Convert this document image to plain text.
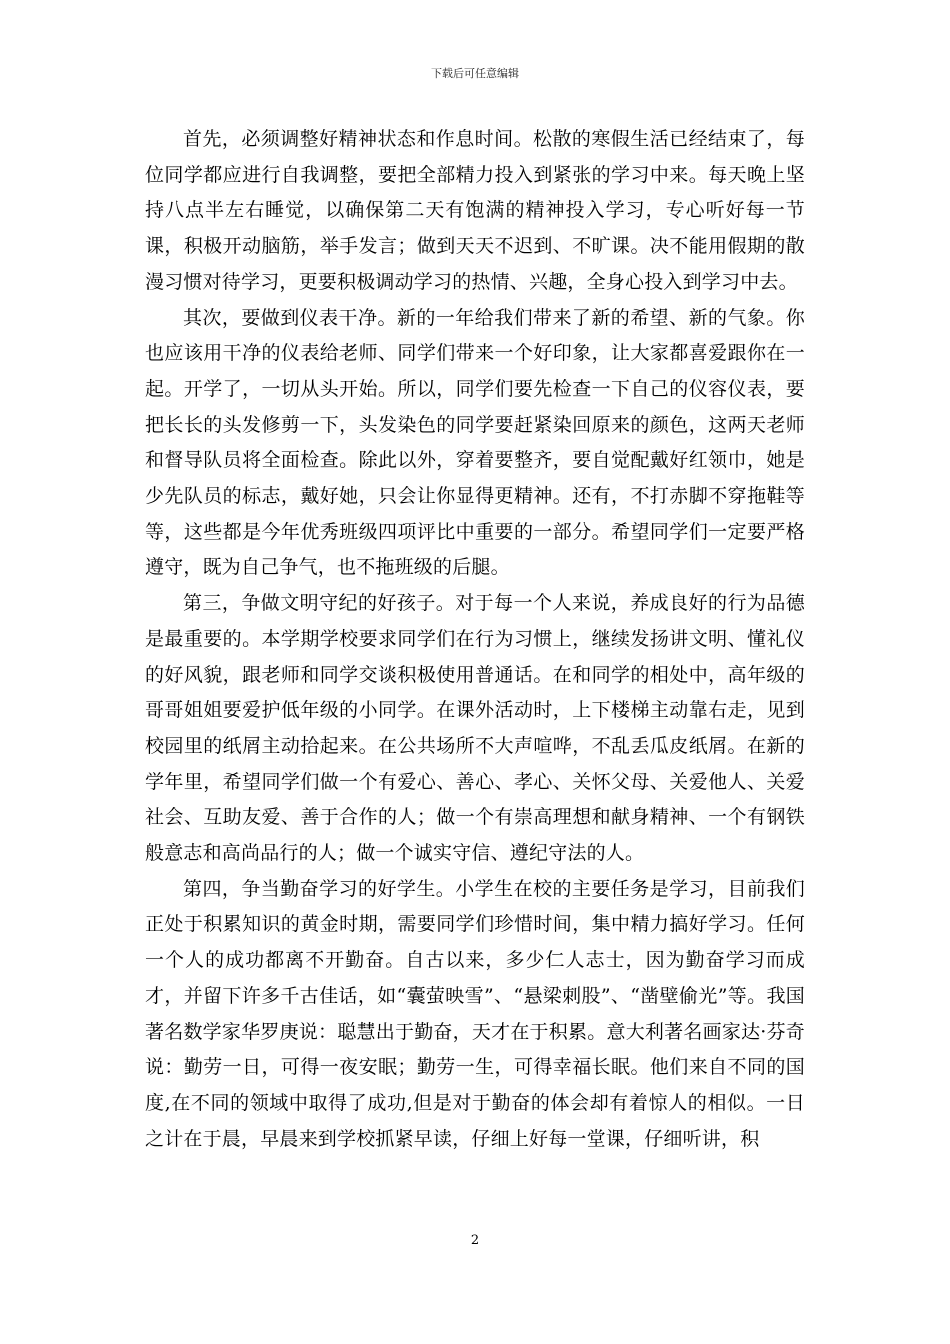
下载后可任意编辑

首先，必须调整好精神状态和作息时间。松散的寒假生活已经结束了，每位同学都应进行自我调整，要把全部精力投入到紧张的学习中来。每天晚上坚持八点半左右睡觉，以确保第二天有饱满的精神投入学习，专心听好每一节课，积极开动脑筋，举手发言；做到天天不迟到、不旷课。决不能用假期的散漫习惯对待学习，更要积极调动学习的热情、兴趣，全身心投入到学习中去。

其次，要做到仪表干净。新的一年给我们带来了新的希望、新的气象。你也应该用干净的仪表给老师、同学们带来一个好印象，让大家都喜爱跟你在一起。开学了，一切从头开始。所以，同学们要先检查一下自己的仪容仪表，要把长长的头发修剪一下，头发染色的同学要赶紧染回原来的颜色，这两天老师和督导队员将全面检查。除此以外，穿着要整齐，要自觉配戴好红领巾，她是少先队员的标志，戴好她，只会让你显得更精神。还有，不打赤脚不穿拖鞋等等，这些都是今年优秀班级四项评比中重要的一部分。希望同学们一定要严格遵守，既为自己争气，也不拖班级的后腿。

第三，争做文明守纪的好孩子。对于每一个人来说，养成良好的行为品德是最重要的。本学期学校要求同学们在行为习惯上，继续发扬讲文明、懂礼仪的好风貌，跟老师和同学交谈积极使用普通话。在和同学的相处中，高年级的哥哥姐姐要爱护低年级的小同学。在课外活动时，上下楼梯主动靠右走，见到校园里的纸屑主动拾起来。在公共场所不大声喧哗，不乱丢瓜皮纸屑。在新的学年里，希望同学们做一个有爱心、善心、孝心、关怀父母、关爱他人、关爱社会、互助友爱、善于合作的人；做一个有崇高理想和献身精神、一个有钢铁般意志和高尚品行的人；做一个诚实守信、遵纪守法的人。

第四，争当勤奋学习的好学生。小学生在校的主要任务是学习，目前我们正处于积累知识的黄金时期，需要同学们珍惜时间，集中精力搞好学习。任何一个人的成功都离不开勤奋。自古以来，多少仁人志士，因为勤奋学习而成才，并留下许多千古佳话，如“囊萤映雪”、“悬梁刺股”、“凿壁偷光”等。我国著名数学家华罗庚说：聪慧出于勤奋，天才在于积累。意大利著名画家达·芬奇说：勤劳一日，可得一夜安眠；勤劳一生，可得幸福长眠。他们来自不同的国度,在不同的领域中取得了成功,但是对于勤奋的体会却有着惊人的相似。一日之计在于晨，早晨来到学校抓紧早读，仔细上好每一堂课，仔细听讲，积

2
